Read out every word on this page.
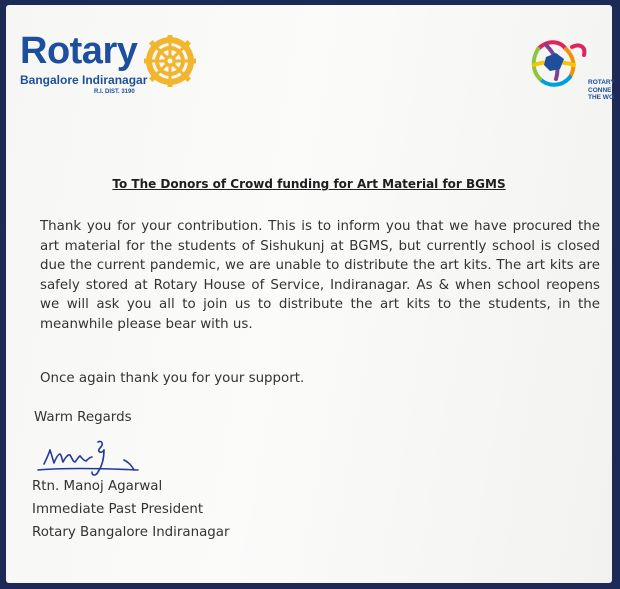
Rotary
Bangalore Indiranagar
R.I. DIST. 3190
ROTARY
CONNE
THE WO
To The Donors of Crowd funding for Art Material for BGMS

Thank you for your contribution. This is to inform you that we have procured the art material for the students of Sishukunj at BGMS, but currently school is closed due the current pandemic, we are unable to distribute the art kits. The art kits are safely stored at Rotary House of Service, Indiranagar. As & when school reopens we will ask you all to join us to distribute the art kits to the students, in the meanwhile please bear with us.

Once again thank you for your support.
Warm Regards
Rtn. Manoj Agarwal
Immediate Past President
Rotary Bangalore Indiranagar
